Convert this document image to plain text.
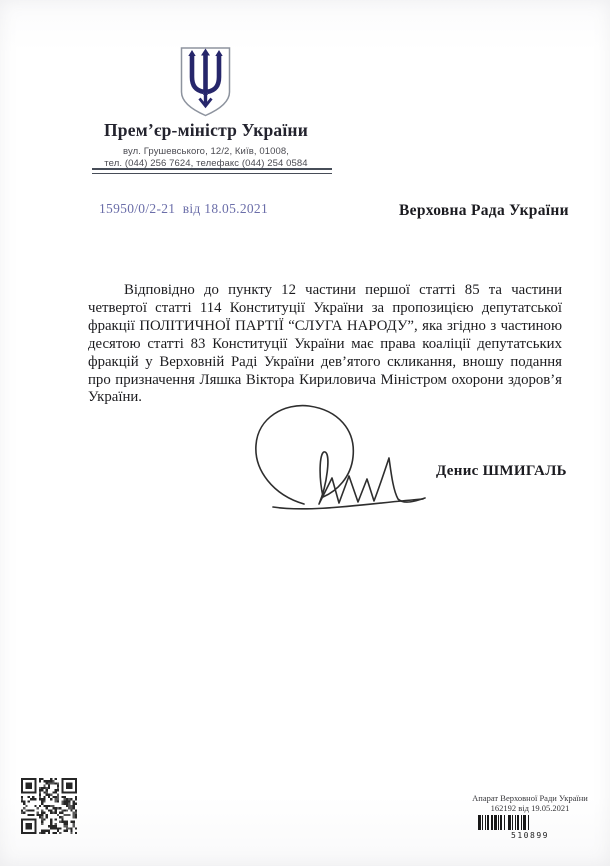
Прем’єр-міністр України
вул. Грушевського, 12/2, Київ, 01008,
тел. (044) 256 7624, телефакс (044) 254 0584
15950/0/2-21  від 18.05.2021	Верховна Рада України
Відповідно до пункту 12 частини першої статті 85 та частини
четвертої статті 114 Конституції України за пропозицією депутатської
фракції ПОЛІТИЧНОЇ ПАРТІЇ “СЛУГА НАРОДУ”, яка згідно з частиною
десятою статті 83 Конституції України має права коаліції депутатських
фракцій у Верховній Раді України дев’ятого скликання, вношу подання
про призначення Ляшка Віктора Кириловича Міністром охорони здоров’я
України.
Денис ШМИГАЛЬ
Апарат Верховної Ради України
162192 від 19.05.2021
510899
